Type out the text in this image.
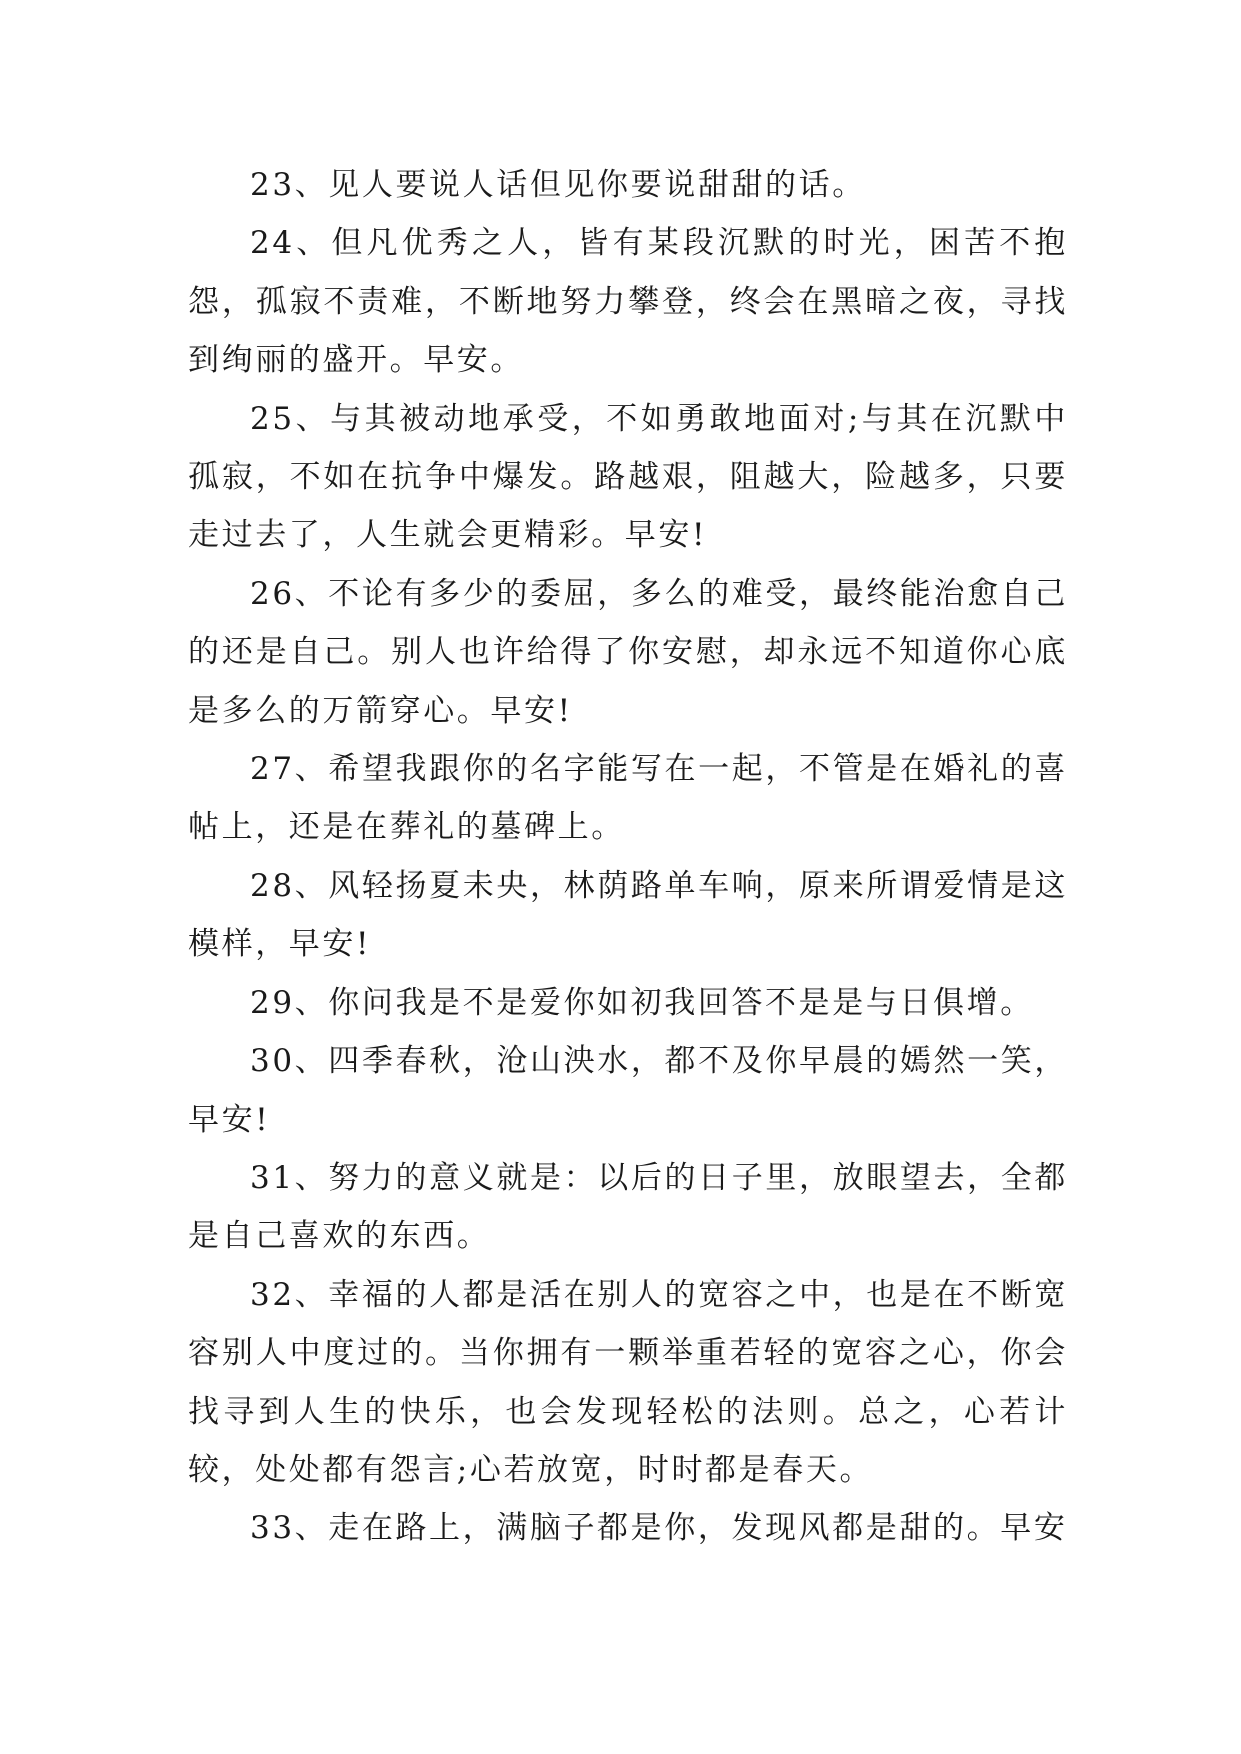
23、见人要说人话但见你要说甜甜的话。

24、但凡优秀之人，皆有某段沉默的时光，困苦不抱怨，孤寂不责难，不断地努力攀登，终会在黑暗之夜，寻找到绚丽的盛开。早安。

25、与其被动地承受，不如勇敢地面对;与其在沉默中孤寂，不如在抗争中爆发。路越艰，阻越大，险越多，只要走过去了，人生就会更精彩。早安!

26、不论有多少的委屈，多么的难受，最终能治愈自己的还是自己。别人也许给得了你安慰，却永远不知道你心底是多么的万箭穿心。早安!

27、希望我跟你的名字能写在一起，不管是在婚礼的喜帖上，还是在葬礼的墓碑上。

28、风轻扬夏未央，林荫路单车响，原来所谓爱情是这模样，早安!

29、你问我是不是爱你如初我回答不是是与日俱增。

30、四季春秋，沧山泱水，都不及你早晨的嫣然一笑，早安!

31、努力的意义就是：以后的日子里，放眼望去，全都是自己喜欢的东西。

32、幸福的人都是活在别人的宽容之中，也是在不断宽容别人中度过的。当你拥有一颗举重若轻的宽容之心，你会找寻到人生的快乐，也会发现轻松的法则。总之，心若计较，处处都有怨言;心若放宽，时时都是春天。

33、走在路上，满脑子都是你，发现风都是甜的。早安
